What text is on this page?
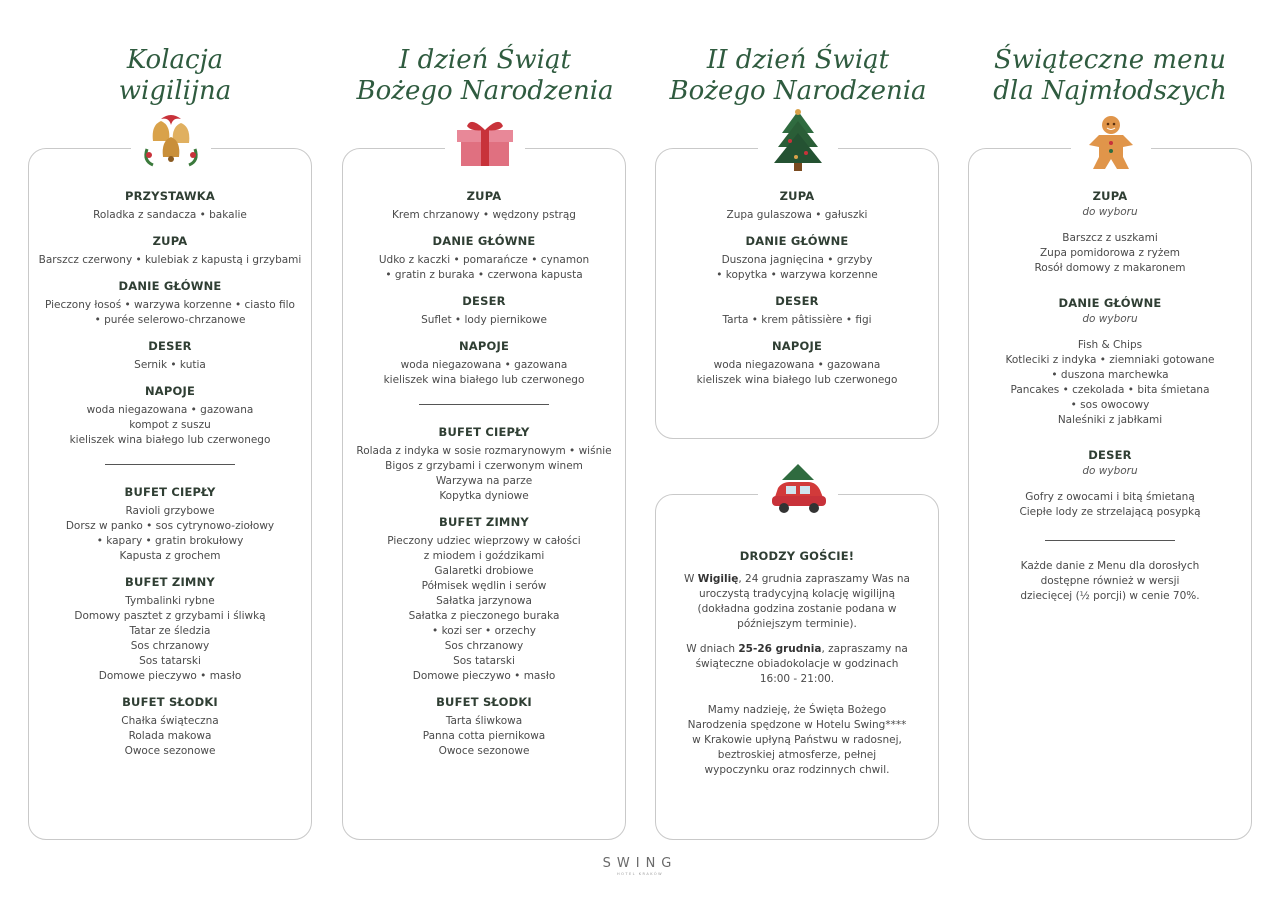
Kolacja
wigilijna
I dzień Świąt
Bożego Narodzenia
II dzień Świąt
Bożego Narodzenia
Świąteczne menu
dla Najmłodszych
PRZYSTAWKA
Roladka z sandacza • bakalie
ZUPA
Barszcz czerwony • kulebiak z kapustą i grzybami
DANIE GŁÓWNE
Pieczony łosoś • warzywa korzenne • ciasto filo
• purée selerowo-chrzanowe
DESER
Sernik • kutia
NAPOJE
woda niegazowana • gazowana
kompot z suszu
kieliszek wina białego lub czerwonego
BUFET CIEPŁY
Ravioli grzybowe
Dorsz w panko • sos cytrynowo-ziołowy
• kapary • gratin brokułowy
Kapusta z grochem
BUFET ZIMNY
Tymbalinki rybne
Domowy pasztet z grzybami i śliwką
Tatar ze śledzia
Sos chrzanowy
Sos tatarski
Domowe pieczywo • masło
BUFET SŁODKI
Chałka świąteczna
Rolada makowa
Owoce sezonowe
ZUPA
Krem chrzanowy • wędzony pstrąg
DANIE GŁÓWNE
Udko z kaczki • pomarańcze • cynamon
• gratin z buraka • czerwona kapusta
DESER
Suflet • lody piernikowe
NAPOJE
woda niegazowana • gazowana
kieliszek wina białego lub czerwonego
BUFET CIEPŁY
Rolada z indyka w sosie rozmarynowym • wiśnie
Bigos z grzybami i czerwonym winem
Warzywa na parze
Kopytka dyniowe
BUFET ZIMNY
Pieczony udziec wieprzowy w całości
z miodem i goździkami
Galaretki drobiowe
Półmisek wędlin i serów
Sałatka jarzynowa
Sałatka z pieczonego buraka
• kozi ser • orzechy
Sos chrzanowy
Sos tatarski
Domowe pieczywo • masło
BUFET SŁODKI
Tarta śliwkowa
Panna cotta piernikowa
Owoce sezonowe
ZUPA
Zupa gulaszowa • gałuszki
DANIE GŁÓWNE
Duszona jagnięcina • grzyby
• kopytka • warzywa korzenne
DESER
Tarta • krem pâtissière • figi
NAPOJE
woda niegazowana • gazowana
kieliszek wina białego lub czerwonego
DRODZY GOŚCIE!
W Wigilię, 24 grudnia zapraszamy Was na uroczystą tradycyjną kolację wigilijną (dokładna godzina zostanie podana w późniejszym terminie).
W dniach 25-26 grudnia, zapraszamy na świąteczne obiadokolacje w godzinach 16:00 - 21:00.
Mamy nadzieję, że Święta Bożego Narodzenia spędzone w Hotelu Swing**** w Krakowie upłyną Państwu w radosnej, beztroskiej atmosferze, pełnej wypoczynku oraz rodzinnych chwil.
ZUPA
do wyboru
Barszcz z uszkami
Zupa pomidorowa z ryżem
Rosół domowy z makaronem
DANIE GŁÓWNE
do wyboru
Fish & Chips
Kotleciki z indyka • ziemniaki gotowane
• duszona marchewka
Pancakes • czekolada • bita śmietana
• sos owocowy
Naleśniki z jabłkami
DESER
do wyboru
Gofry z owocami i bitą śmietaną
Ciepłe lody ze strzelającą posypką
Każde danie z Menu dla dorosłych dostępne również w wersji dziecięcej (½ porcji) w cenie 70%.
SWING
HOTEL KRAKÓW
